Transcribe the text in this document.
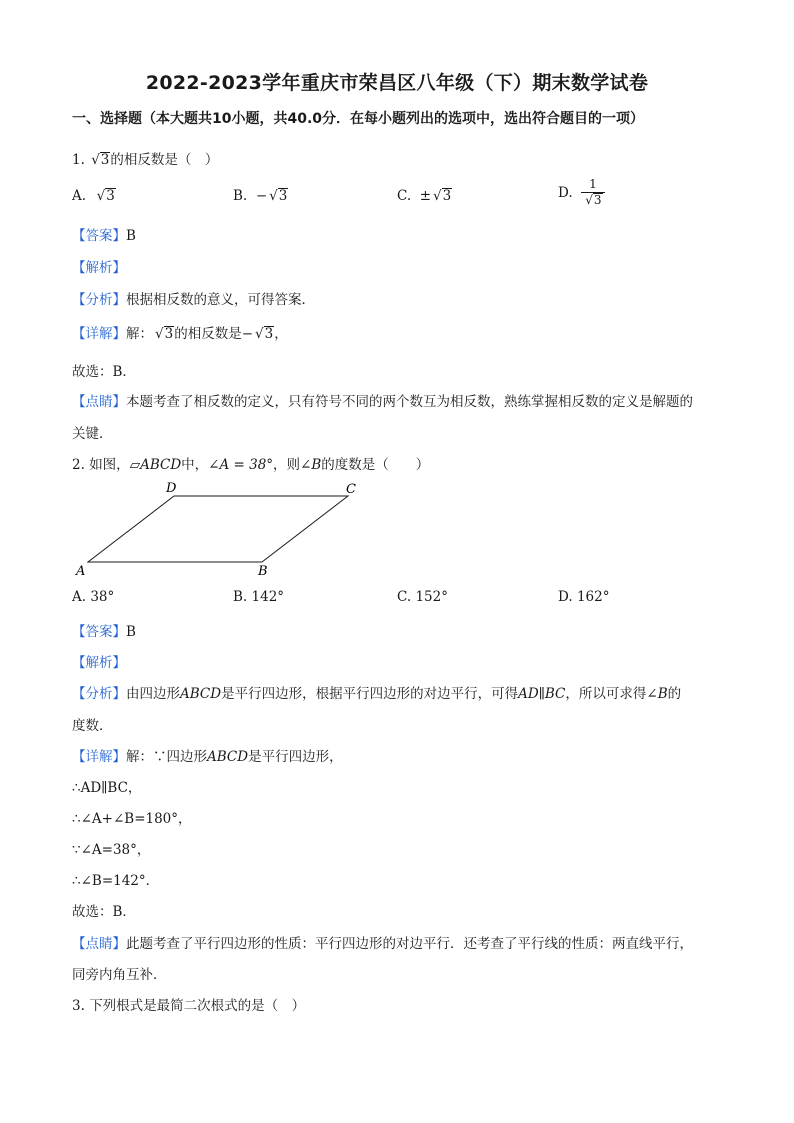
2022-2023学年重庆市荣昌区八年级（下）期末数学试卷
一、选择题（本大题共10小题，共40.0分．在每小题列出的选项中，选出符合题目的一项）
1. √3的相反数是（　）
A. √3	B. − √3	C. ± √3	D. $\frac{1}{√3}$
【答案】B
【解析】
【分析】根据相反数的意义，可得答案．
【详解】解： √3的相反数是− √3，
故选：B．
【点睛】本题考查了相反数的定义，只有符号不同的两个数互为相反数，熟练掌握相反数的定义是解题的
关键．
2. 如图，▱ABCD中，∠A = 38°，则∠B的度数是（　　）
A	B
C
D
A. 38°	B. 142°	C. 152°	D. 162°
【答案】B
【解析】
【分析】由四边形ABCD是平行四边形，根据平行四边形的对边平行，可得AD∥BC，所以可求得∠B的
度数．
【详解】解：∵四边形ABCD是平行四边形，
∴AD∥BC，
∴∠A+∠B=180°，
∵∠A=38°，
∴∠B=142°．
故选：B．
【点睛】此题考查了平行四边形的性质：平行四边形的对边平行．还考查了平行线的性质：两直线平行，
同旁内角互补．
3. 下列根式是最简二次根式的是（　）
